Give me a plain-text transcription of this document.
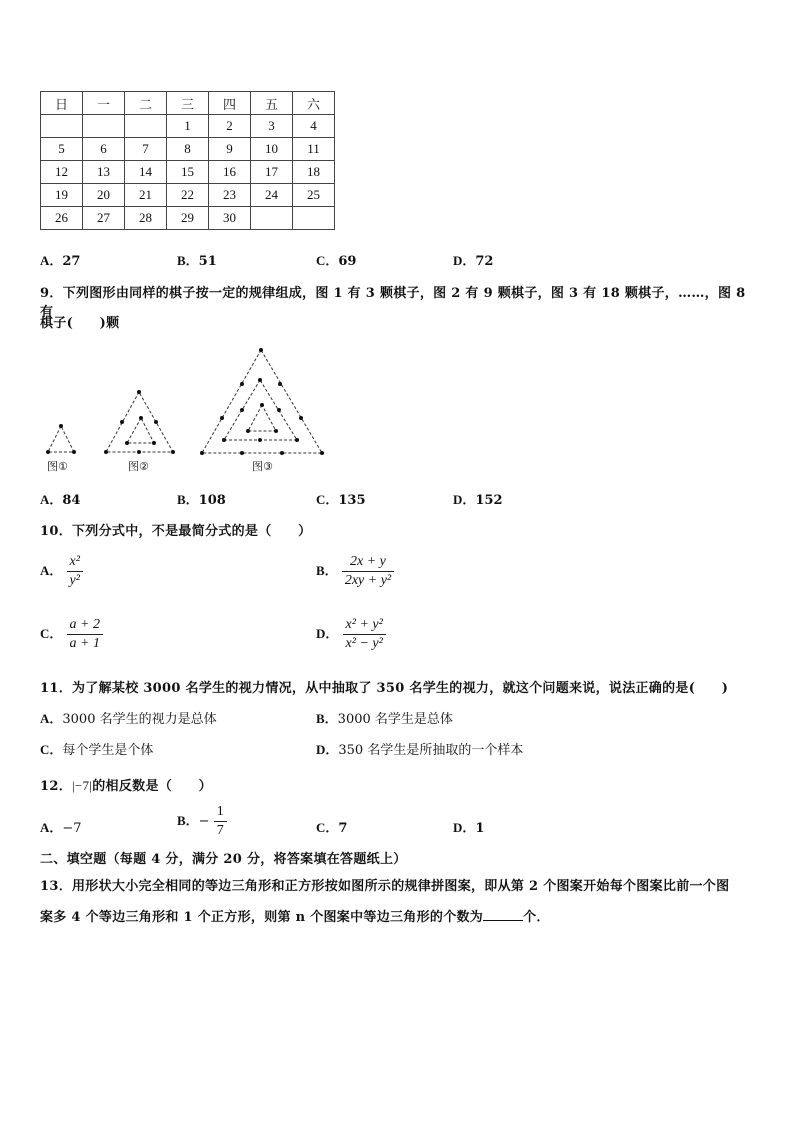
日	一	二	三	四	五	六
			1	2	3	4
5	6	7	8	9	10	11
12	13	14	15	16	17	18
19	20	21	22	23	24	25
26	27	28	29	30		
A．27	B．51	C．69	D．72
9．下列图形由同样的棋子按一定的规律组成，图 1 有 3 颗棋子，图 2 有 9 颗棋子，图 3 有 18 颗棋子，……，图 8 有
棋子(　　)颗
图①	图②	图③
A．84	B．108	C．135	D．152
10．下列分式中，不是最简分式的是（　　）
A． $\frac{\text{x²}}{\text{y²}}$	B． $\frac{2x + y}{\text{2xy + y²}}$
C． $\frac{a + 2}{a + 1}$	D． $\frac{\text{x² + y²}}{\text{x² − y²}}$
11．为了解某校 3000 名学生的视力情况，从中抽取了 350 名学生的视力，就这个问题来说，说法正确的是(　　)
A．3000 名学生的视力是总体	B．3000 名学生是总体
C．每个学生是个体	D．350 名学生是所抽取的一个样本
12．|−7|的相反数是（　　）
A．−7
B．− $\frac{1}{7}$	C．7	D．1
二、填空题（每题 4 分，满分 20 分，将答案填在答题纸上）
13．用形状大小完全相同的等边三角形和正方形按如图所示的规律拼图案，即从第 2 个图案开始每个图案比前一个图
案多 4 个等边三角形和 1 个正方形，则第 n 个图案中等边三角形的个数为	个．
